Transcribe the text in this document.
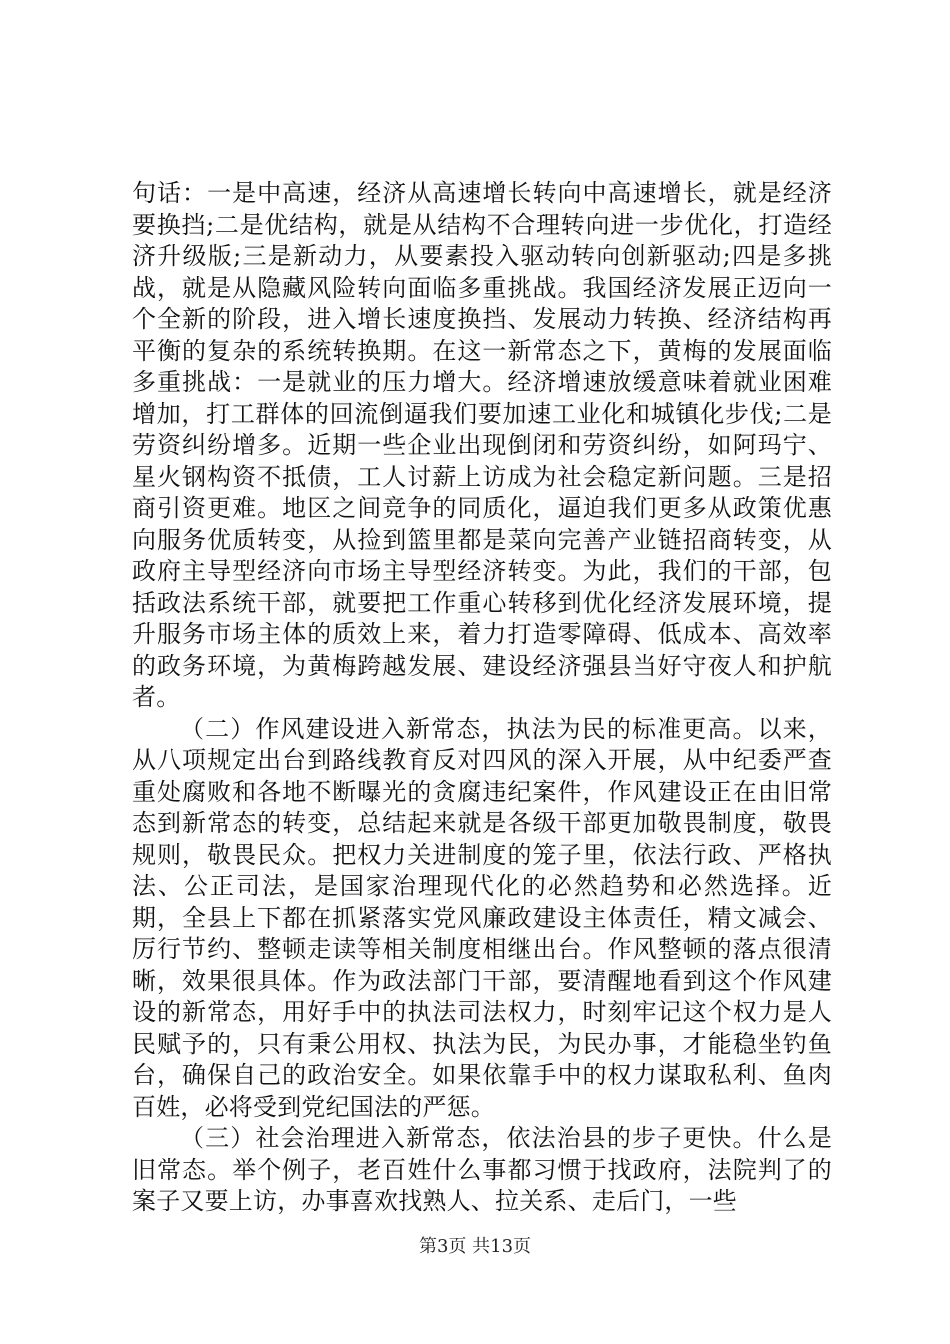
句话：一是中高速，经济从高速增长转向中高速增长，就是经济要换挡;二是优结构，就是从结构不合理转向进一步优化，打造经济升级版;三是新动力，从要素投入驱动转向创新驱动;四是多挑战，就是从隐藏风险转向面临多重挑战。我国经济发展正迈向一个全新的阶段，进入增长速度换挡、发展动力转换、经济结构再平衡的复杂的系统转换期。在这一新常态之下，黄梅的发展面临多重挑战：一是就业的压力增大。经济增速放缓意味着就业困难增加，打工群体的回流倒逼我们要加速工业化和城镇化步伐;二是劳资纠纷增多。近期一些企业出现倒闭和劳资纠纷，如阿玛宁、星火钢构资不抵债，工人讨薪上访成为社会稳定新问题。三是招商引资更难。地区之间竞争的同质化，逼迫我们更多从政策优惠向服务优质转变，从捡到篮里都是菜向完善产业链招商转变，从政府主导型经济向市场主导型经济转变。为此，我们的干部，包括政法系统干部，就要把工作重心转移到优化经济发展环境，提升服务市场主体的质效上来，着力打造零障碍、低成本、高效率的政务环境，为黄梅跨越发展、建设经济强县当好守夜人和护航者。

（二）作风建设进入新常态，执法为民的标准更高。以来，从八项规定出台到路线教育反对四风的深入开展，从中纪委严查重处腐败和各地不断曝光的贪腐违纪案件，作风建设正在由旧常态到新常态的转变，总结起来就是各级干部更加敬畏制度，敬畏规则，敬畏民众。把权力关进制度的笼子里，依法行政、严格执法、公正司法，是国家治理现代化的必然趋势和必然选择。近期，全县上下都在抓紧落实党风廉政建设主体责任，精文减会、厉行节约、整顿走读等相关制度相继出台。作风整顿的落点很清晰，效果很具体。作为政法部门干部，要清醒地看到这个作风建设的新常态，用好手中的执法司法权力，时刻牢记这个权力是人民赋予的，只有秉公用权、执法为民，为民办事，才能稳坐钓鱼台，确保自己的政治安全。如果依靠手中的权力谋取私利、鱼肉百姓，必将受到党纪国法的严惩。

（三）社会治理进入新常态，依法治县的步子更快。什么是旧常态。举个例子，老百姓什么事都习惯于找政府，法院判了的案子又要上访，办事喜欢找熟人、拉关系、走后门，一些

第3页 共13页
